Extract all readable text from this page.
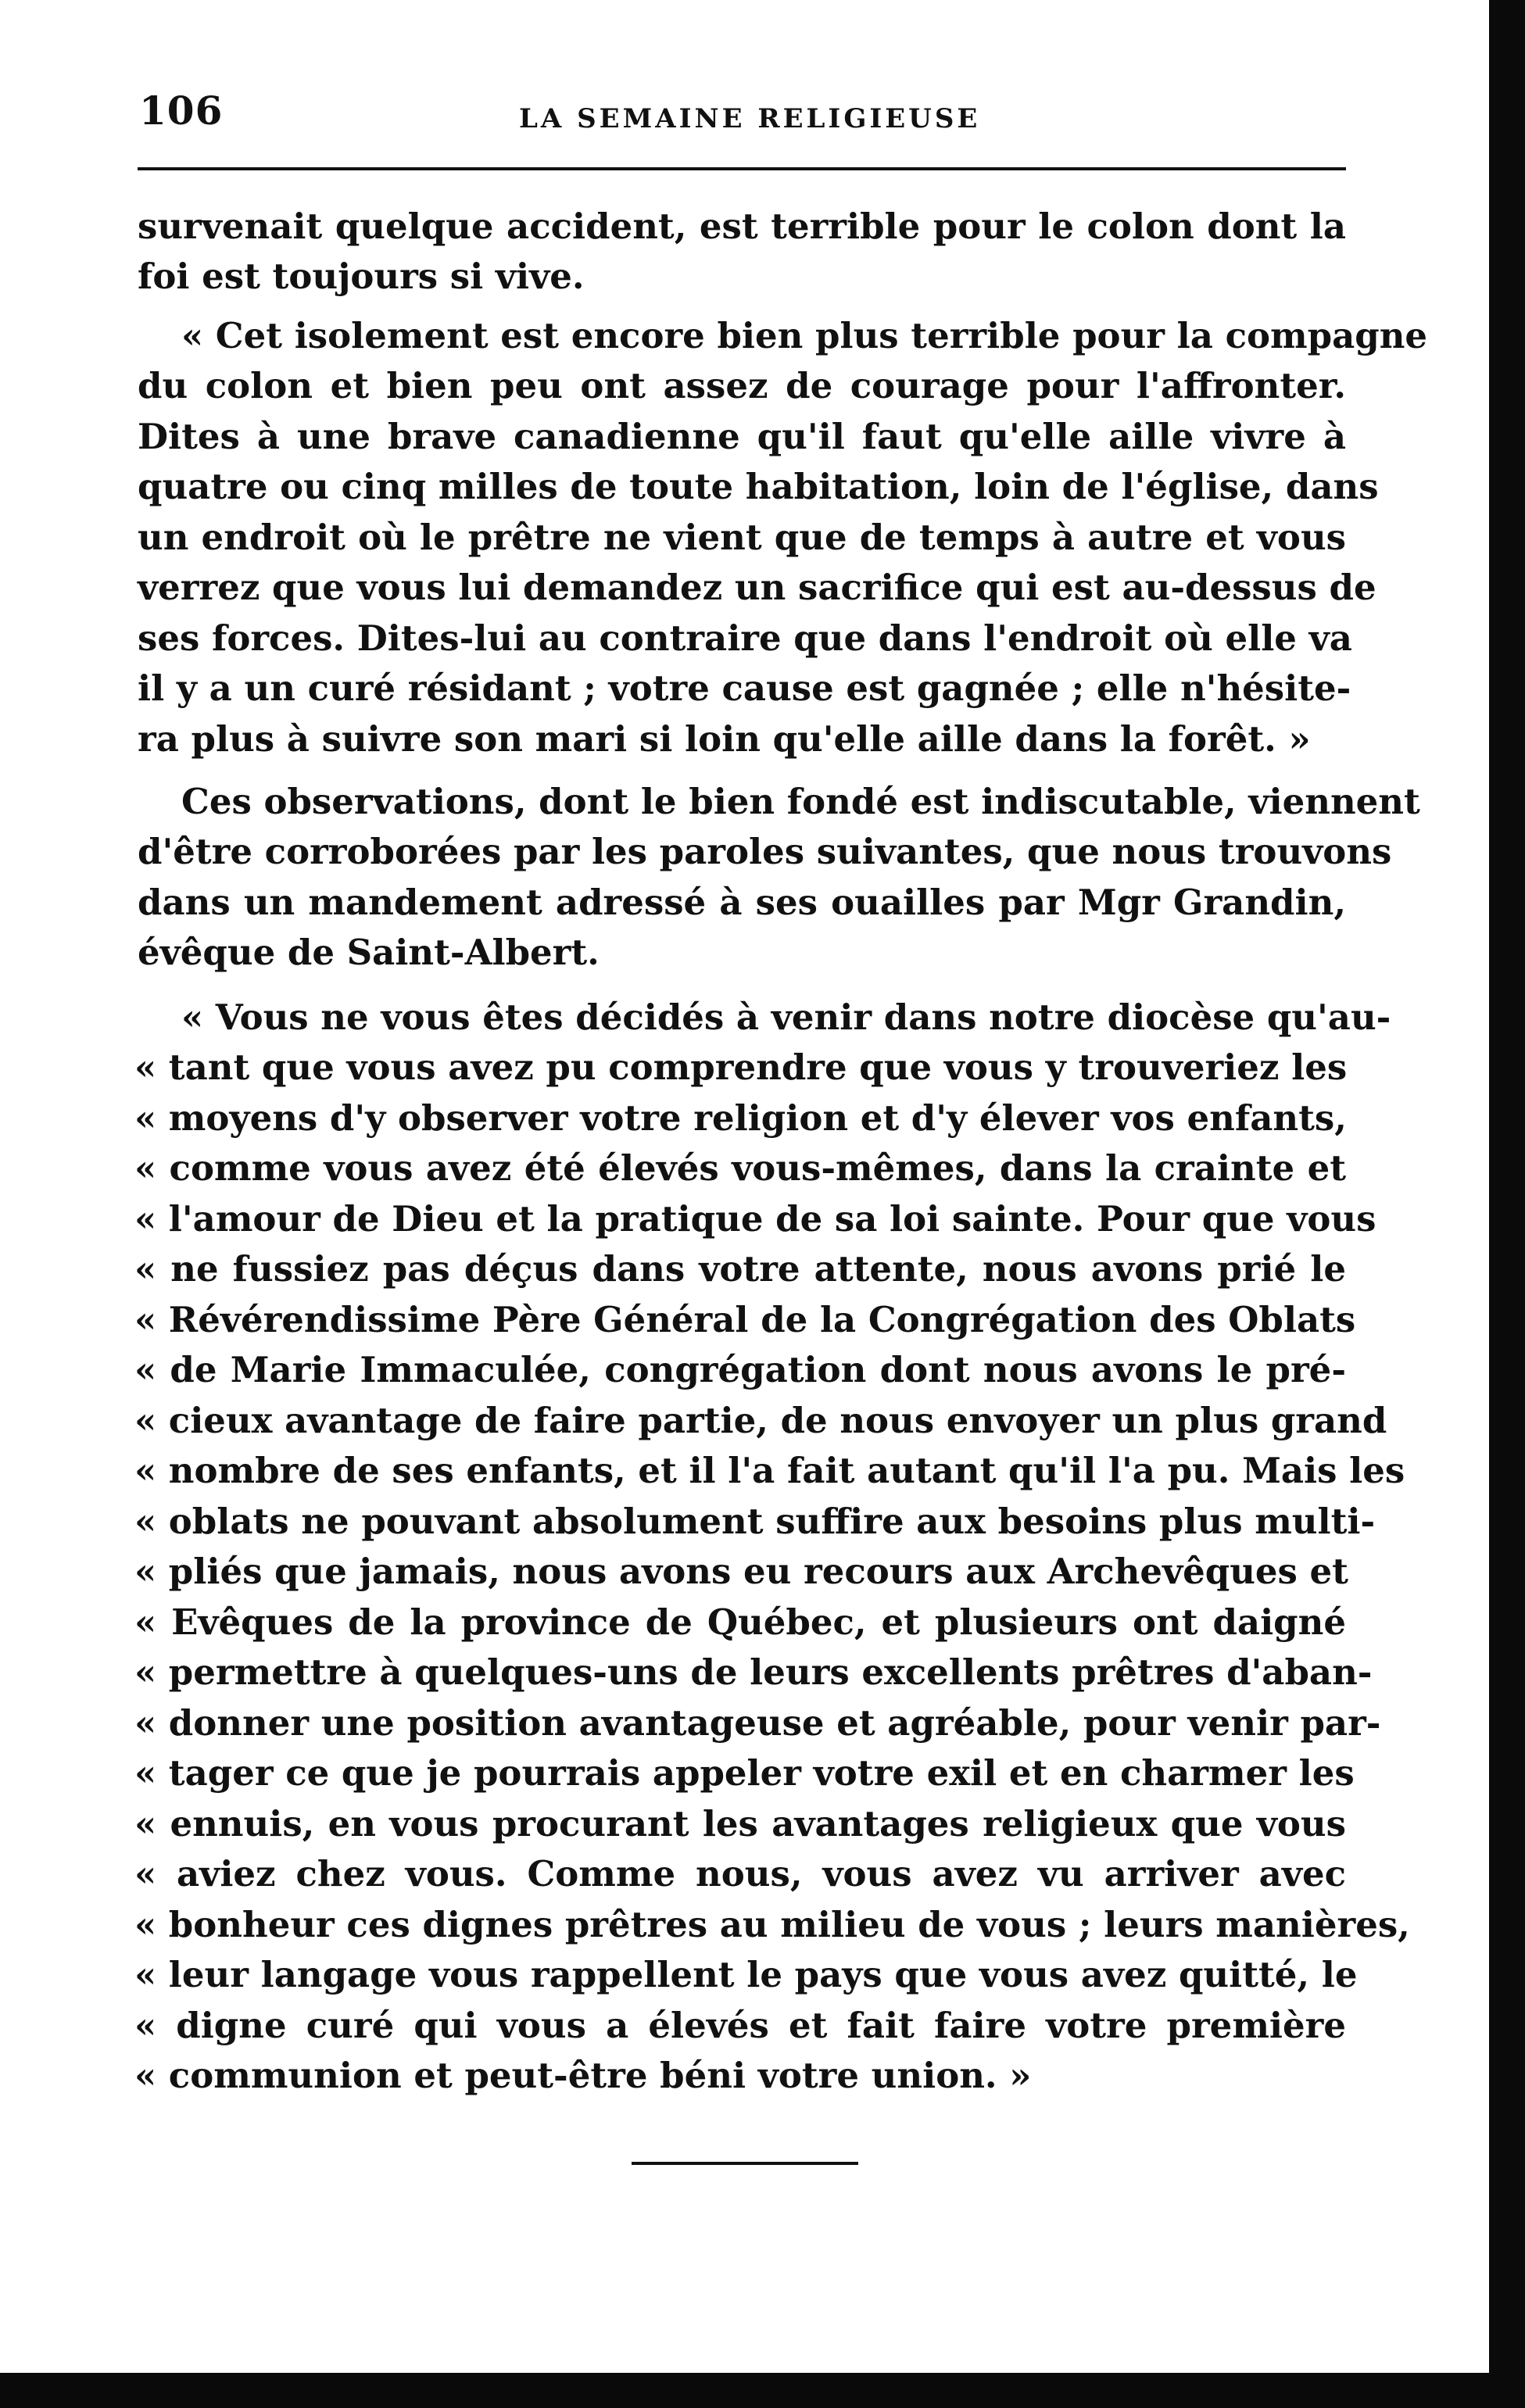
106	LA SEMAINE RELIGIEUSE
survenait quelque accident, est terrible pour le colon dont la
foi est toujours si vive.
« Cet isolement est encore bien plus terrible pour la compagne
du colon et bien peu ont assez de courage pour l'affronter.
Dites à une brave canadienne qu'il faut qu'elle aille vivre à
quatre ou cinq milles de toute habitation, loin de l'église, dans
un endroit où le prêtre ne vient que de temps à autre et vous
verrez que vous lui demandez un sacrifice qui est au-dessus de
ses forces. Dites-lui au contraire que dans l'endroit où elle va
il y a un curé résidant ; votre cause est gagnée ; elle n'hésite-
ra plus à suivre son mari si loin qu'elle aille dans la forêt. »
Ces observations, dont le bien fondé est indiscutable, viennent
d'être corroborées par les paroles suivantes, que nous trouvons
dans un mandement adressé à ses ouailles par Mgr Grandin,
évêque de Saint-Albert.
« Vous ne vous êtes décidés à venir dans notre diocèse qu'au-
« tant que vous avez pu comprendre que vous y trouveriez les
« moyens d'y observer votre religion et d'y élever vos enfants,
« comme vous avez été élevés vous-mêmes, dans la crainte et
« l'amour de Dieu et la pratique de sa loi sainte. Pour que vous
« ne fussiez pas déçus dans votre attente, nous avons prié le
« Révérendissime Père Général de la Congrégation des Oblats
« de Marie Immaculée, congrégation dont nous avons le pré-
« cieux avantage de faire partie, de nous envoyer un plus grand
« nombre de ses enfants, et il l'a fait autant qu'il l'a pu. Mais les
« oblats ne pouvant absolument suffire aux besoins plus multi-
« pliés que jamais, nous avons eu recours aux Archevêques et
« Evêques de la province de Québec, et plusieurs ont daigné
« permettre à quelques-uns de leurs excellents prêtres d'aban-
« donner une position avantageuse et agréable, pour venir par-
« tager ce que je pourrais appeler votre exil et en charmer les
« ennuis, en vous procurant les avantages religieux que vous
« aviez chez vous. Comme nous, vous avez vu arriver avec
« bonheur ces dignes prêtres au milieu de vous ; leurs manières,
« leur langage vous rappellent le pays que vous avez quitté, le
« digne curé qui vous a élevés et fait faire votre première
« communion et peut-être béni votre union. »
